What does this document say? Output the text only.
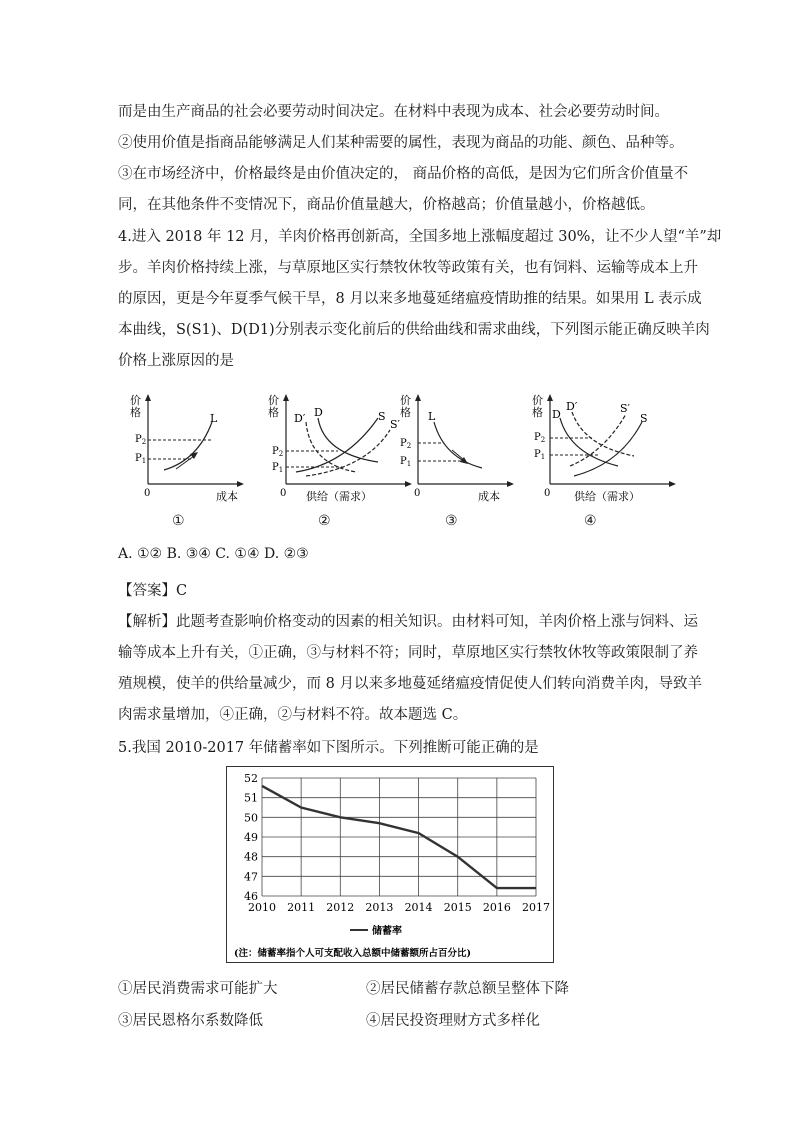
而是由生产商品的社会必要劳动时间决定。在材料中表现为成本、社会必要劳动时间。
②使用价值是指商品能够满足人们某种需要的属性，表现为商品的功能、颜色、品种等。
③在市场经济中，价格最终是由价值决定的， 商品价格的高低，是因为它们所含价值量不
同，在其他条件不变情况下，商品价值量越大，价格越高；价值量越小，价格越低。
4.进入 2018 年 12 月，羊肉价格再创新高，全国多地上涨幅度超过 30%，让不少人望“羊”却
步。羊肉价格持续上涨，与草原地区实行禁牧休牧等政策有关，也有饲料、运输等成本上升
的原因，更是今年夏季气候干旱，8 月以来多地蔓延绪瘟疫情助推的结果。如果用 L 表示成
本曲线，S(S1)、D(D1)分别表示变化前后的供给曲线和需求曲线，下列图示能正确反映羊肉
价格上涨原因的是
价
格
0	成本
L
$P_2$
$P_1$
价
格
0 供给（需求）
D′ D	S
S′
$P_2$
$P_1$
价
格
0	成本
L
$P_2$
$P_1$
价
格
0 供给（需求）
D
D′	S′
S
$P_2$
$P_1$
①	②	③	④
A. ①② B. ③④ C. ①④ D. ②③
【答案】C
【解析】此题考查影响价格变动的因素的相关知识。由材料可知，羊肉价格上涨与饲料、运
输等成本上升有关，①正确，③与材料不符；同时，草原地区实行禁牧休牧等政策限制了养
殖规模，使羊的供给量减少，而 8 月以来多地蔓延绪瘟疫情促使人们转向消费羊肉，导致羊
肉需求量增加，④正确，②与材料不符。故本题选 C。
5.我国 2010-2017 年储蓄率如下图所示。下列推断可能正确的是
46
47
48
49
50
51
52
2010 2011 2012 2013 2014 2015 2016 2017
储蓄率
(注：储蓄率指个人可支配收入总额中储蓄额所占百分比)
①居民消费需求可能扩大	②居民储蓄存款总额呈整体下降
③居民恩格尔系数降低	④居民投资理财方式多样化
